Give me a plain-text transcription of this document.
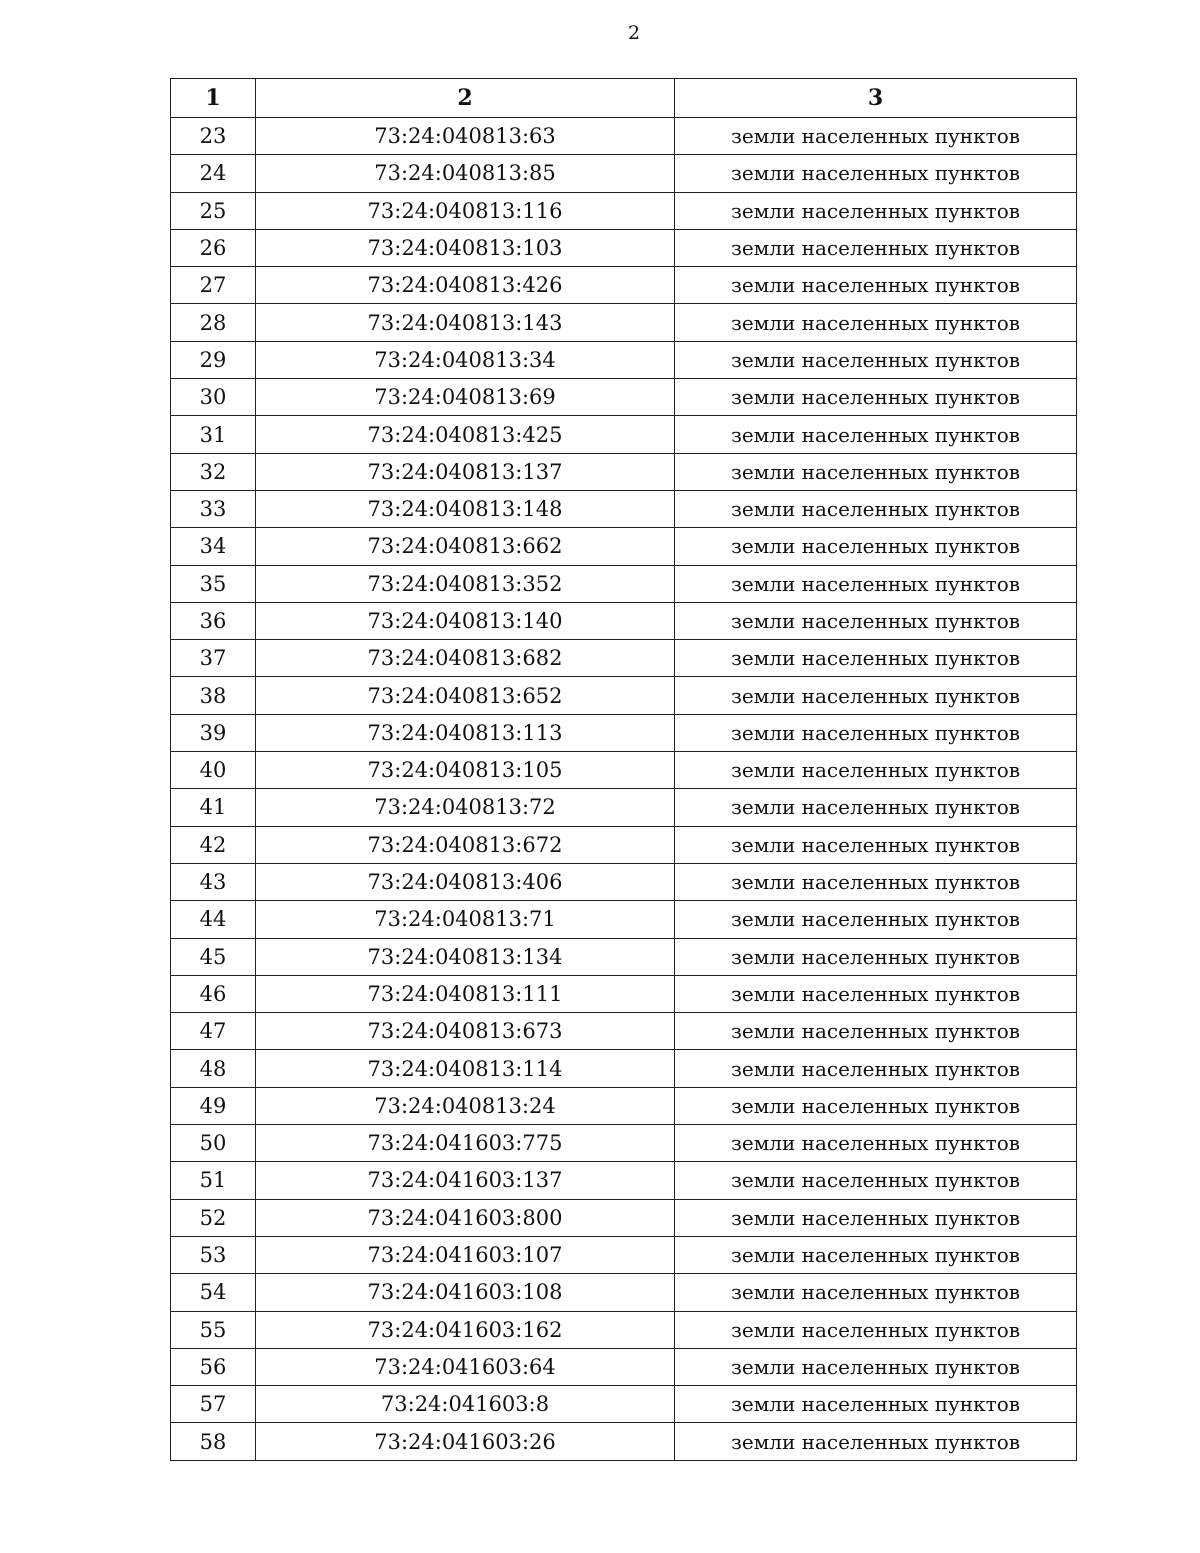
2
1	2	3
23	73:24:040813:63	земли населенных пунктов
24	73:24:040813:85	земли населенных пунктов
25	73:24:040813:116	земли населенных пунктов
26	73:24:040813:103	земли населенных пунктов
27	73:24:040813:426	земли населенных пунктов
28	73:24:040813:143	земли населенных пунктов
29	73:24:040813:34	земли населенных пунктов
30	73:24:040813:69	земли населенных пунктов
31	73:24:040813:425	земли населенных пунктов
32	73:24:040813:137	земли населенных пунктов
33	73:24:040813:148	земли населенных пунктов
34	73:24:040813:662	земли населенных пунктов
35	73:24:040813:352	земли населенных пунктов
36	73:24:040813:140	земли населенных пунктов
37	73:24:040813:682	земли населенных пунктов
38	73:24:040813:652	земли населенных пунктов
39	73:24:040813:113	земли населенных пунктов
40	73:24:040813:105	земли населенных пунктов
41	73:24:040813:72	земли населенных пунктов
42	73:24:040813:672	земли населенных пунктов
43	73:24:040813:406	земли населенных пунктов
44	73:24:040813:71	земли населенных пунктов
45	73:24:040813:134	земли населенных пунктов
46	73:24:040813:111	земли населенных пунктов
47	73:24:040813:673	земли населенных пунктов
48	73:24:040813:114	земли населенных пунктов
49	73:24:040813:24	земли населенных пунктов
50	73:24:041603:775	земли населенных пунктов
51	73:24:041603:137	земли населенных пунктов
52	73:24:041603:800	земли населенных пунктов
53	73:24:041603:107	земли населенных пунктов
54	73:24:041603:108	земли населенных пунктов
55	73:24:041603:162	земли населенных пунктов
56	73:24:041603:64	земли населенных пунктов
57	73:24:041603:8	земли населенных пунктов
58	73:24:041603:26	земли населенных пунктов
